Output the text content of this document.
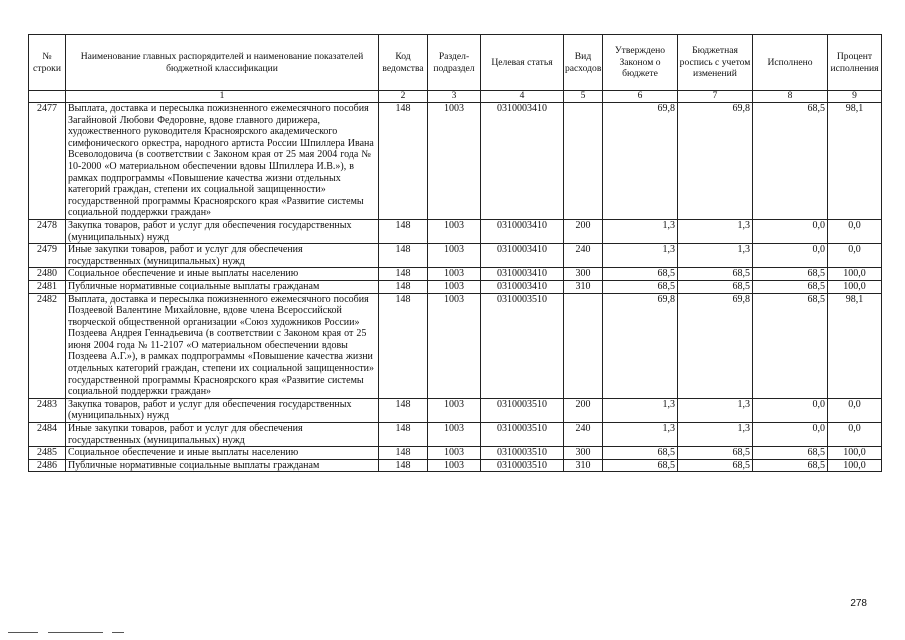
№ строки	Наименование главных распорядителей и наименование показателей бюджетной классификации	Код ведомства	Раздел-подраздел	Целевая статья	Вид расходов	Утверждено Законом о бюджете	Бюджетная роспись с учетом изменений	Исполнено	Процент исполнения
	1	2	3	4	5	6	7	8	9
2477	Выплата, доставка и пересылка пожизненного ежемесячного пособия Загайновой Любови Федоровне, вдове главного дирижера, художественного руководителя Красноярского академического симфонического оркестра, народного артиста России Шпиллера Ивана Всеволодовича (в соответствии с Законом края от 25 мая 2004 года № 10-2000 «О материальном обеспечении вдовы Шпиллера И.В.»), в рамках подпрограммы «Повышение качества жизни отдельных категорий граждан, степени их социальной защищенности» государственной программы Красноярского края «Развитие системы социальной поддержки граждан»	148	1003	0310003410		69,8	69,8	68,5	98,1
2478	Закупка товаров, работ и услуг для обеспечения государственных (муниципальных) нужд	148	1003	0310003410	200	1,3	1,3	0,0	0,0
2479	Иные закупки товаров, работ и услуг для обеспечения государственных (муниципальных) нужд	148	1003	0310003410	240	1,3	1,3	0,0	0,0
2480	Социальное обеспечение и иные выплаты населению	148	1003	0310003410	300	68,5	68,5	68,5	100,0
2481	Публичные нормативные социальные выплаты гражданам	148	1003	0310003410	310	68,5	68,5	68,5	100,0
2482	Выплата, доставка и пересылка пожизненного ежемесячного пособия Поздеевой Валентине Михайловне, вдове члена Всероссийской творческой общественной организации «Союз художников России» Поздеева Андрея Геннадьевича (в соответствии с Законом края от 25 июня 2004 года № 11-2107 «О материальном обеспечении вдовы Поздеева А.Г.»), в рамках подпрограммы «Повышение качества жизни отдельных категорий граждан, степени их социальной защищенности» государственной программы Красноярского края «Развитие системы социальной поддержки граждан»	148	1003	0310003510		69,8	69,8	68,5	98,1
2483	Закупка товаров, работ и услуг для обеспечения государственных (муниципальных) нужд	148	1003	0310003510	200	1,3	1,3	0,0	0,0
2484	Иные закупки товаров, работ и услуг для обеспечения государственных (муниципальных) нужд	148	1003	0310003510	240	1,3	1,3	0,0	0,0
2485	Социальное обеспечение и иные выплаты населению	148	1003	0310003510	300	68,5	68,5	68,5	100,0
2486	Публичные нормативные социальные выплаты гражданам	148	1003	0310003510	310	68,5	68,5	68,5	100,0
278
